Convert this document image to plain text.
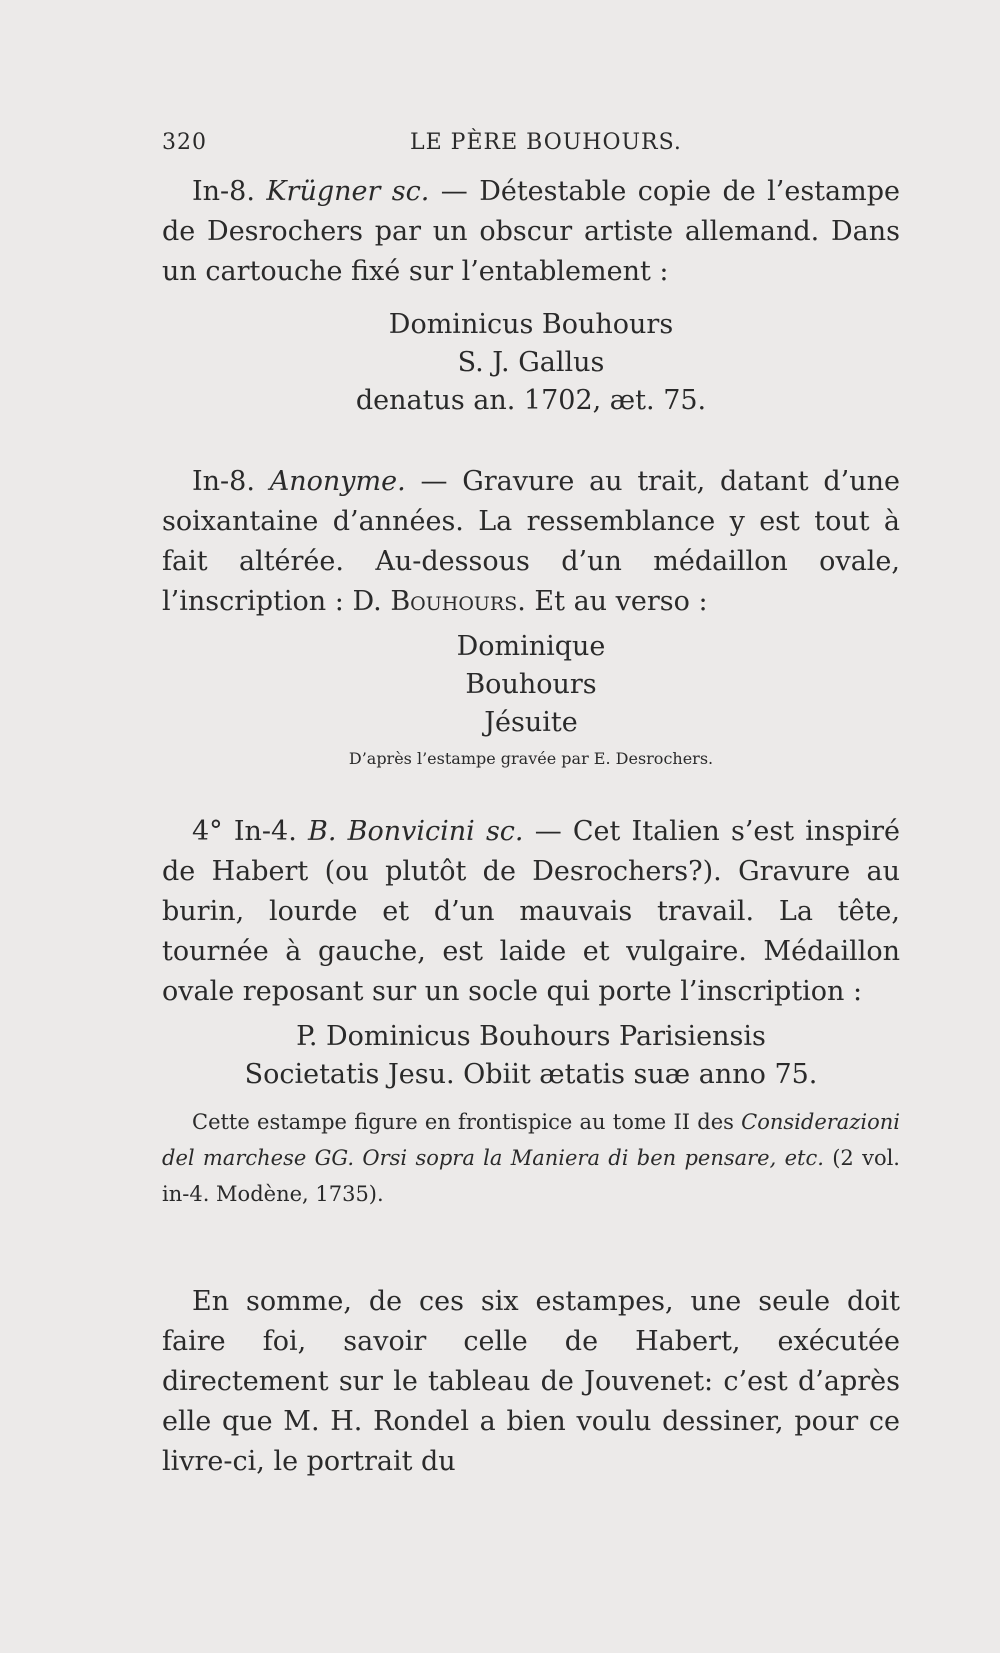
320	LE PÈRE BOUHOURS.

In-8. Krügner sc. — Détestable copie de l’estampe de Desrochers par un obscur artiste allemand. Dans un cartouche fixé sur l’entablement :

Dominicus Bouhours

S. J. Gallus

denatus an. 1702, æt. 75.

In-8. Anonyme. — Gravure au trait, datant d’une soixantaine d’années. La ressemblance y est tout à fait altérée. Au-dessous d’un médaillon ovale, l’inscription : D. Bouhours. Et au verso :

Dominique

Bouhours

Jésuite

D’après l’estampe gravée par E. Desrochers.

4° In-4. B. Bonvicini sc. — Cet Italien s’est inspiré de Habert (ou plutôt de Desrochers?). Gravure au burin, lourde et d’un mauvais travail. La tête, tournée à gauche, est laide et vulgaire. Médaillon ovale reposant sur un socle qui porte l’inscription :

P. Dominicus Bouhours Parisiensis

Societatis Jesu. Obiit ætatis suæ anno 75.

Cette estampe figure en frontispice au tome II des Considerazioni del marchese GG. Orsi sopra la Maniera di ben pensare, etc. (2 vol. in-4. Modène, 1735).

En somme, de ces six estampes, une seule doit faire foi, savoir celle de Habert, exécutée directement sur le tableau de Jouvenet: c’est d’après elle que M. H. Rondel a bien voulu dessiner, pour ce livre-ci, le portrait du
